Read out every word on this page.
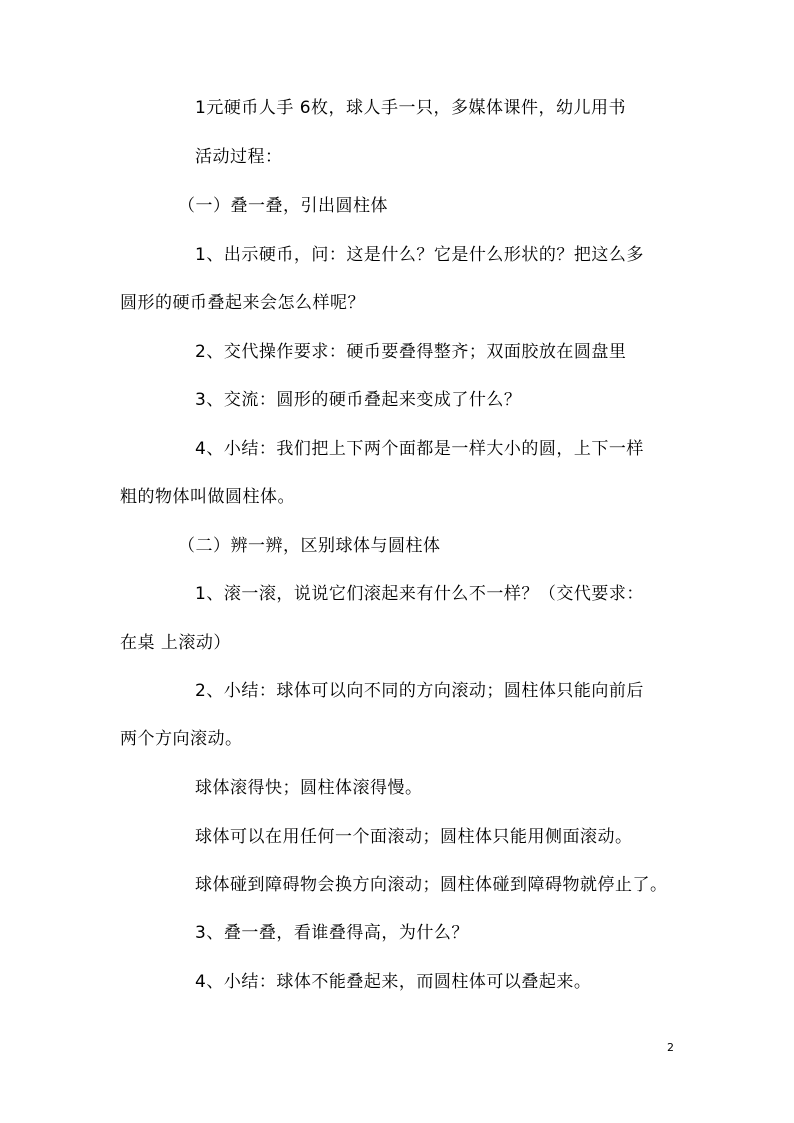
1元硬币人手 6枚，球人手一只，多媒体课件，幼儿用书
活动过程：
（一）叠一叠，引出圆柱体
1、出示硬币，问：这是什么？它是什么形状的？把这么多
圆形的硬币叠起来会怎么样呢？
2、交代操作要求：硬币要叠得整齐；双面胶放在圆盘里
3、交流：圆形的硬币叠起来变成了什么？
4、小结：我们把上下两个面都是一样大小的圆，上下一样
粗的物体叫做圆柱体。
（二）辨一辨，区别球体与圆柱体
1、滚一滚，说说它们滚起来有什么不一样？（交代要求：
在桌 上滚动）
2、小结：球体可以向不同的方向滚动；圆柱体只能向前后
两个方向滚动。
球体滚得快；圆柱体滚得慢。
球体可以在用任何一个面滚动；圆柱体只能用侧面滚动。
球体碰到障碍物会换方向滚动；圆柱体碰到障碍物就停止了。
3、叠一叠，看谁叠得高，为什么？
4、小结：球体不能叠起来，而圆柱体可以叠起来。
2
